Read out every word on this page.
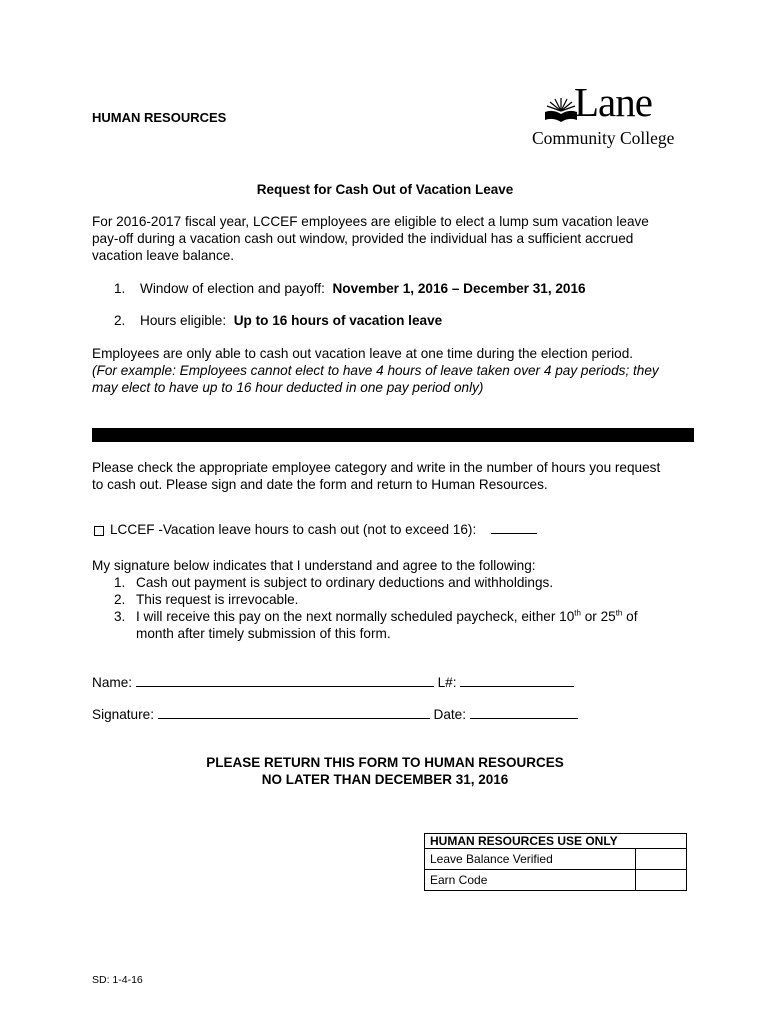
HUMAN RESOURCES	Lane
Community College
Request for Cash Out of Vacation Leave
For 2016-2017 fiscal year, LCCEF employees are eligible to elect a lump sum vacation leave pay-off during a vacation cash out window, provided the individual has a sufficient accrued vacation leave balance.
1. Window of election and payoff: November 1, 2016 – December 31, 2016
2. Hours eligible: Up to 16 hours of vacation leave
Employees are only able to cash out vacation leave at one time during the election period.
(For example: Employees cannot elect to have 4 hours of leave taken over 4 pay periods; they may elect to have up to 16 hour deducted in one pay period only)
Please check the appropriate employee category and write in the number of hours you request to cash out. Please sign and date the form and return to Human Resources.
LCCEF -Vacation leave hours to cash out (not to exceed 16):
My signature below indicates that I understand and agree to the following:
1. Cash out payment is subject to ordinary deductions and withholdings.
2. This request is irrevocable.
3. I will receive this pay on the next normally scheduled paycheck, either 10th or 25th of
month after timely submission of this form.
Name:	L#:
Signature:	Date:
PLEASE RETURN THIS FORM TO HUMAN RESOURCES
NO LATER THAN DECEMBER 31, 2016
HUMAN RESOURCES USE ONLY	
Leave Balance Verified	
Earn Code	
SD: 1-4-16
